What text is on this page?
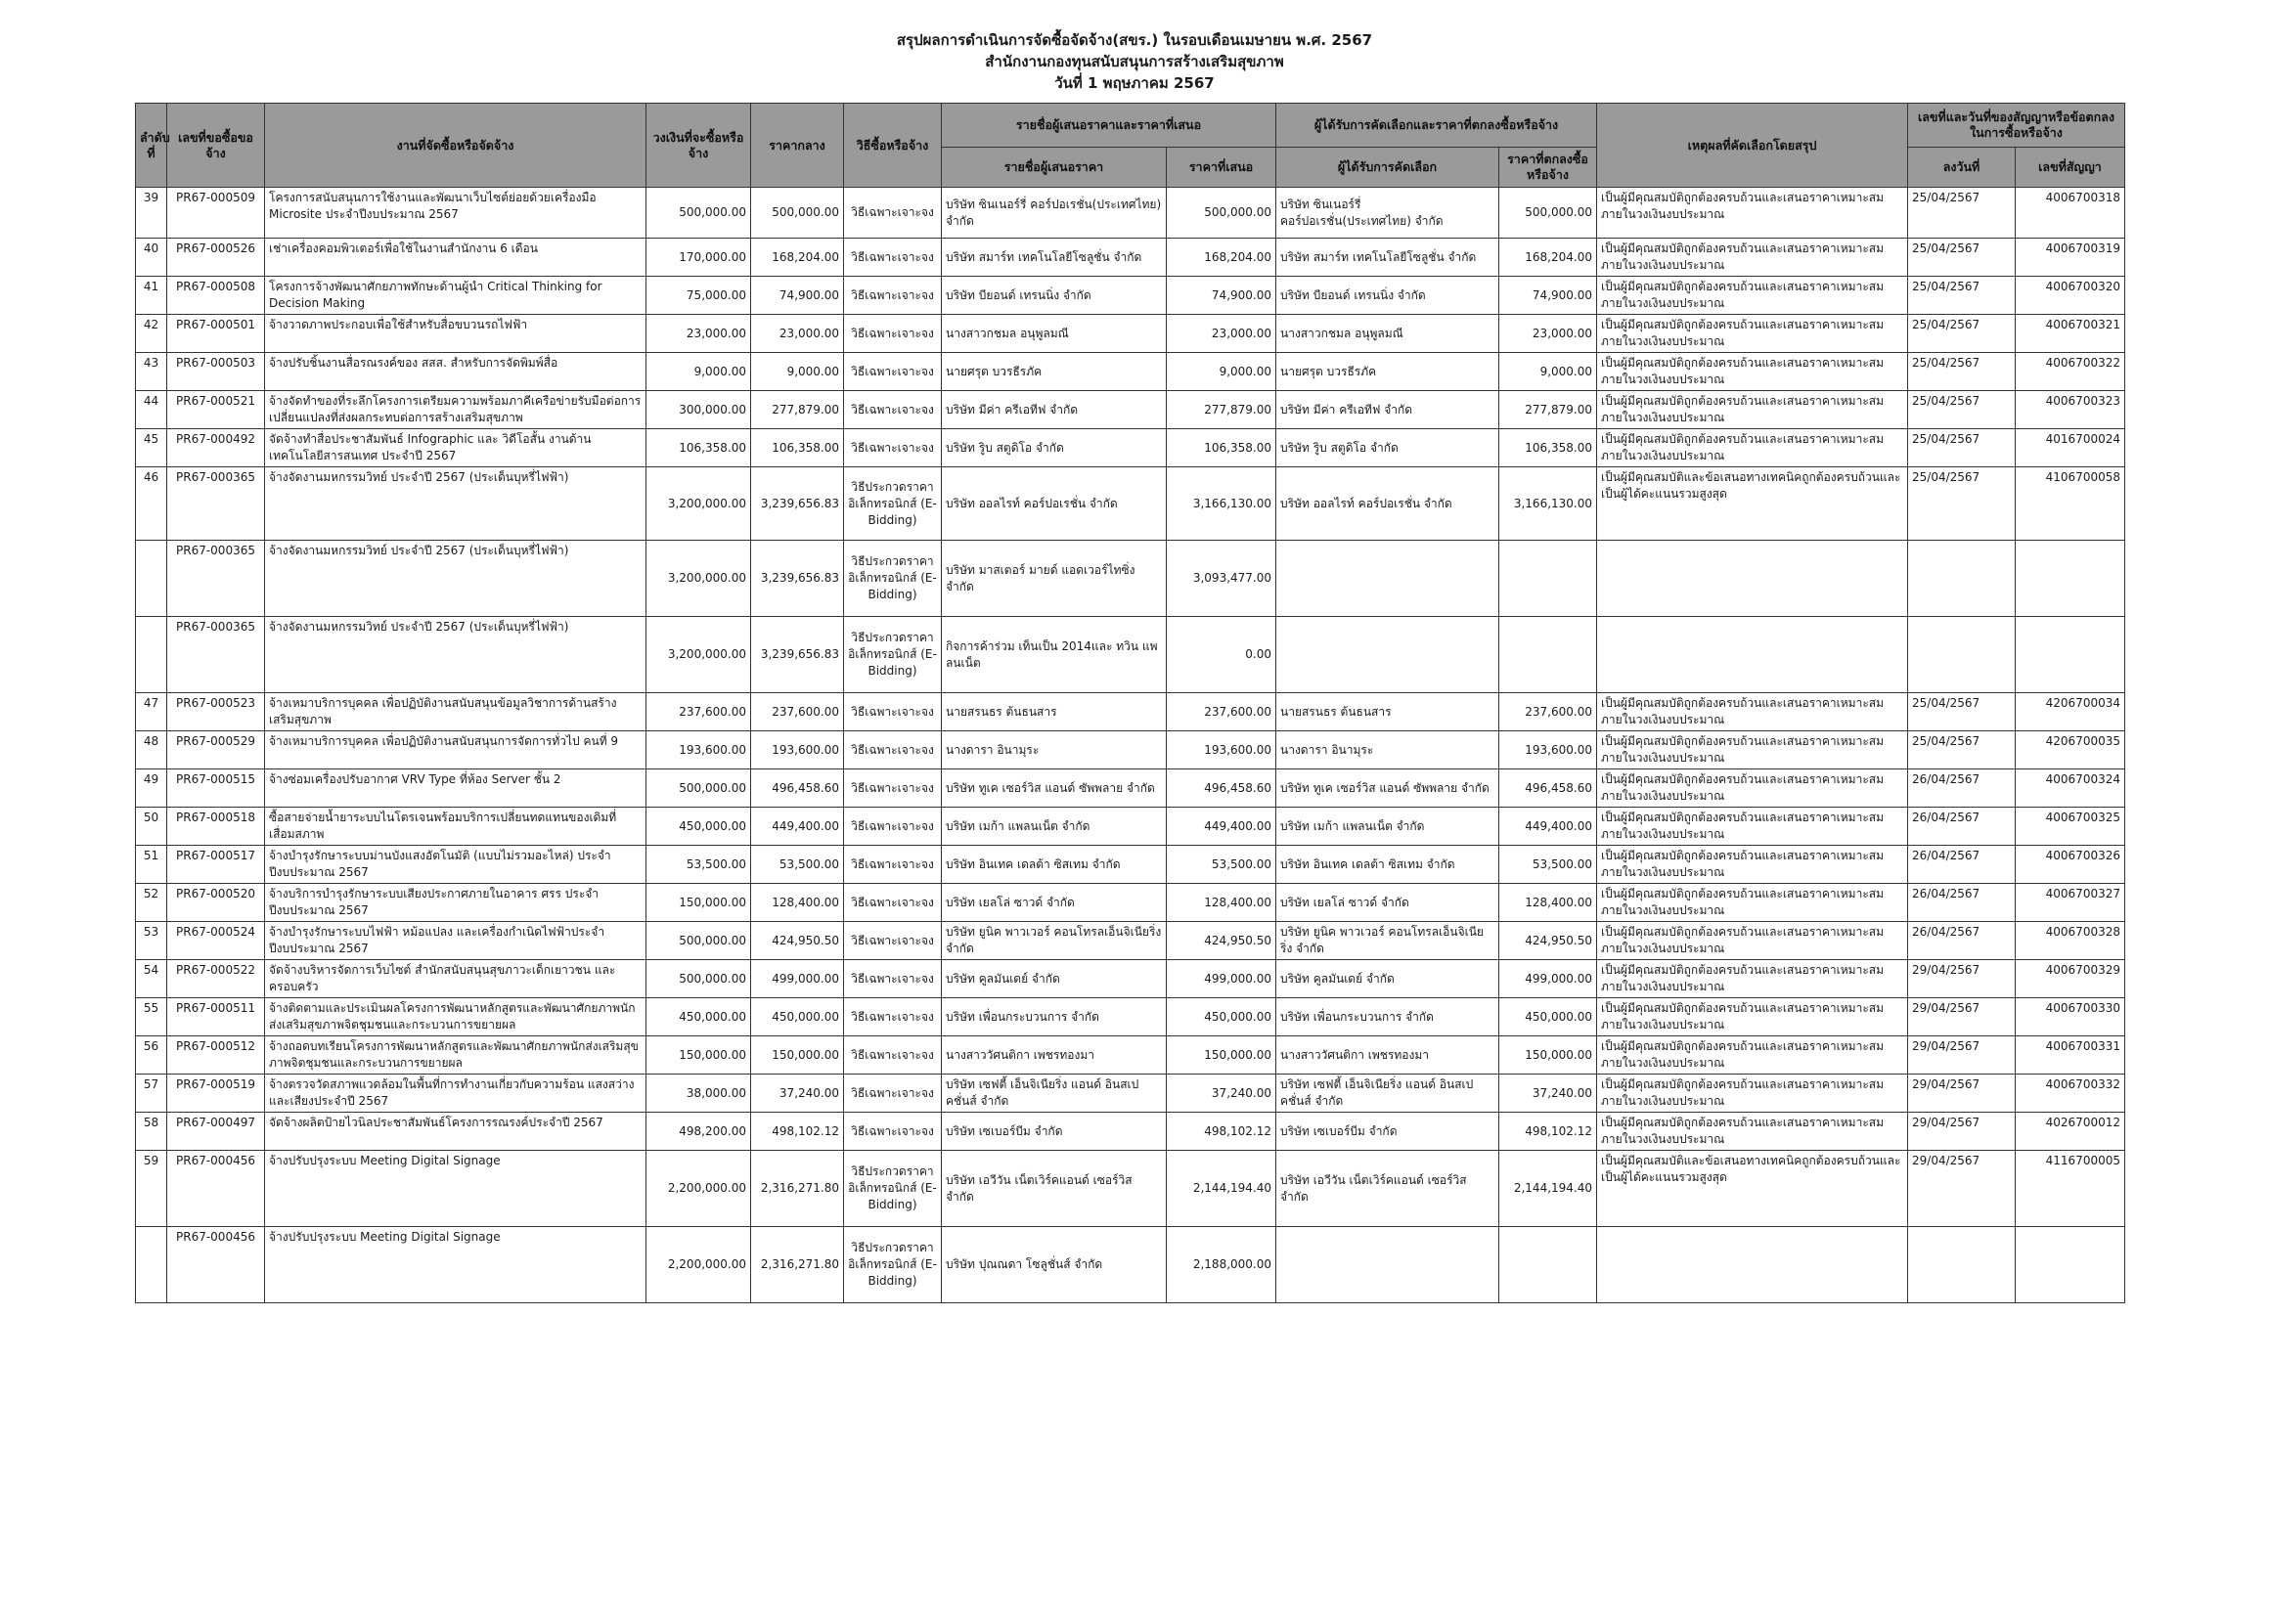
สรุปผลการดำเนินการจัดซื้อจัดจ้าง(สขร.) ในรอบเดือนเมษายน พ.ศ. 2567
สำนักงานกองทุนสนับสนุนการสร้างเสริมสุขภาพ
วันที่ 1 พฤษภาคม 2567
ลำดับที่	เลขที่ขอซื้อขอจ้าง	งานที่จัดซื้อหรือจัดจ้าง	วงเงินที่จะซื้อหรือจ้าง	ราคากลาง	วิธีซื้อหรือจ้าง	รายชื่อผู้เสนอราคาและราคาที่เสนอ		ผู้ได้รับการคัดเลือกและราคาที่ตกลงซื้อหรือจ้าง		เหตุผลที่คัดเลือกโดยสรุป	เลขที่และวันที่ของสัญญาหรือข้อตกลงในการซื้อหรือจ้าง	
						รายชื่อผู้เสนอราคา	ราคาที่เสนอ	ผู้ได้รับการคัดเลือก	ราคาที่ตกลงซื้อหรือจ้าง		ลงวันที่	เลขที่สัญญา
39	PR67-000509	โครงการสนับสนุนการใช้งานและพัฒนาเว็บไซต์ย่อยด้วยเครื่องมือ Microsite ประจำปีงบประมาณ 2567	500,000.00	500,000.00	วิธีเฉพาะเจาะจง	บริษัท ซินเนอร์รี่ คอร์ปอเรชั่น(ประเทศไทย) จำกัด	500,000.00	บริษัท ซินเนอร์รี่ คอร์ปอเรชั่น(ประเทศไทย) จำกัด	500,000.00	เป็นผู้มีคุณสมบัติถูกต้องครบถ้วนและเสนอราคาเหมาะสมภายในวงเงินงบประมาณ	25/04/2567	4006700318
40	PR67-000526	เช่าเครื่องคอมพิวเตอร์เพื่อใช้ในงานสำนักงาน 6 เดือน	170,000.00	168,204.00	วิธีเฉพาะเจาะจง	บริษัท สมาร์ท เทคโนโลยีโซลูชั่น จำกัด	168,204.00	บริษัท สมาร์ท เทคโนโลยีโซลูชั่น จำกัด	168,204.00	เป็นผู้มีคุณสมบัติถูกต้องครบถ้วนและเสนอราคาเหมาะสมภายในวงเงินงบประมาณ	25/04/2567	4006700319
41	PR67-000508	โครงการจ้างพัฒนาศักยภาพทักษะด้านผู้นำ Critical Thinking for Decision Making	75,000.00	74,900.00	วิธีเฉพาะเจาะจง	บริษัท บียอนด์ เทรนนิ่ง จำกัด	74,900.00	บริษัท บียอนด์ เทรนนิ่ง จำกัด	74,900.00	เป็นผู้มีคุณสมบัติถูกต้องครบถ้วนและเสนอราคาเหมาะสมภายในวงเงินงบประมาณ	25/04/2567	4006700320
42	PR67-000501	จ้างวาดภาพประกอบเพื่อใช้สำหรับสื่อขบวนรถไฟฟ้า	23,000.00	23,000.00	วิธีเฉพาะเจาะจง	นางสาวกชมล อนุพูลมณี	23,000.00	นางสาวกชมล อนุพูลมณี	23,000.00	เป็นผู้มีคุณสมบัติถูกต้องครบถ้วนและเสนอราคาเหมาะสมภายในวงเงินงบประมาณ	25/04/2567	4006700321
43	PR67-000503	จ้างปรับชิ้นงานสื่อรณรงค์ของ สสส. สำหรับการจัดพิมพ์สื่อ	9,000.00	9,000.00	วิธีเฉพาะเจาะจง	นายศรุต บวรธีรภัค	9,000.00	นายศรุต บวรธีรภัค	9,000.00	เป็นผู้มีคุณสมบัติถูกต้องครบถ้วนและเสนอราคาเหมาะสมภายในวงเงินงบประมาณ	25/04/2567	4006700322
44	PR67-000521	จ้างจัดทำของที่ระลึกโครงการเตรียมความพร้อมภาคีเครือข่ายรับมือต่อการเปลี่ยนแปลงที่ส่งผลกระทบต่อการสร้างเสริมสุขภาพ	300,000.00	277,879.00	วิธีเฉพาะเจาะจง	บริษัท มีค่า ครีเอทีฟ จำกัด	277,879.00	บริษัท มีค่า ครีเอทีฟ จำกัด	277,879.00	เป็นผู้มีคุณสมบัติถูกต้องครบถ้วนและเสนอราคาเหมาะสมภายในวงเงินงบประมาณ	25/04/2567	4006700323
45	PR67-000492	จัดจ้างทำสื่อประชาสัมพันธ์ Infographic และ วิดีโอสั้น งานด้านเทคโนโลยีสารสนเทศ ประจำปี 2567	106,358.00	106,358.00	วิธีเฉพาะเจาะจง	บริษัท รูิบ สตูดิโอ จำกัด	106,358.00	บริษัท รูิบ สตูดิโอ จำกัด	106,358.00	เป็นผู้มีคุณสมบัติถูกต้องครบถ้วนและเสนอราคาเหมาะสมภายในวงเงินงบประมาณ	25/04/2567	4016700024
46	PR67-000365	จ้างจัดงานมหกรรมวิทย์ ประจำปี 2567 (ประเด็นบุหรี่ไฟฟ้า)	3,200,000.00	3,239,656.83	วิธีประกวดราคาอิเล็กทรอนิกส์ (E-Bidding)	บริษัท ออลไรท์ คอร์ปอเรชั่น จำกัด	3,166,130.00	บริษัท ออลไรท์ คอร์ปอเรชั่น จำกัด	3,166,130.00	เป็นผู้มีคุณสมบัติและข้อเสนอทางเทคนิคถูกต้องครบถ้วนและเป็นผู้ได้คะแนนรวมสูงสุด	25/04/2567	4106700058
	PR67-000365	จ้างจัดงานมหกรรมวิทย์ ประจำปี 2567 (ประเด็นบุหรี่ไฟฟ้า)	3,200,000.00	3,239,656.83	วิธีประกวดราคาอิเล็กทรอนิกส์ (E-Bidding)	บริษัท มาสเตอร์ มายด์ แอดเวอร์ไทซิ่ง จำกัด	3,093,477.00					
	PR67-000365	จ้างจัดงานมหกรรมวิทย์ ประจำปี 2567 (ประเด็นบุหรี่ไฟฟ้า)	3,200,000.00	3,239,656.83	วิธีประกวดราคาอิเล็กทรอนิกส์ (E-Bidding)	กิจการค้าร่วม เท็นเป็น 2014และ ทวิน แพลนเน็ต	0.00					
47	PR67-000523	จ้างเหมาบริการบุคคล เพื่อปฏิบัติงานสนับสนุนข้อมูลวิชาการด้านสร้างเสริมสุขภาพ	237,600.00	237,600.00	วิธีเฉพาะเจาะจง	นายสรนธร ต้นธนสาร	237,600.00	นายสรนธร ต้นธนสาร	237,600.00	เป็นผู้มีคุณสมบัติถูกต้องครบถ้วนและเสนอราคาเหมาะสมภายในวงเงินงบประมาณ	25/04/2567	4206700034
48	PR67-000529	จ้างเหมาบริการบุคคล เพื่อปฏิบัติงานสนับสนุนการจัดการทั่วไป คนที่ 9	193,600.00	193,600.00	วิธีเฉพาะเจาะจง	นางดารา อินามุระ	193,600.00	นางดารา อินามุระ	193,600.00	เป็นผู้มีคุณสมบัติถูกต้องครบถ้วนและเสนอราคาเหมาะสมภายในวงเงินงบประมาณ	25/04/2567	4206700035
49	PR67-000515	จ้างซ่อมเครื่องปรับอากาศ VRV Type ที่ห้อง Server ชั้น 2	500,000.00	496,458.60	วิธีเฉพาะเจาะจง	บริษัท ทูเค เซอร์วิส แอนด์ ซัพพลาย จำกัด	496,458.60	บริษัท ทูเค เซอร์วิส แอนด์ ซัพพลาย จำกัด	496,458.60	เป็นผู้มีคุณสมบัติถูกต้องครบถ้วนและเสนอราคาเหมาะสมภายในวงเงินงบประมาณ	26/04/2567	4006700324
50	PR67-000518	ซื้อสายจ่ายน้ำยาระบบไนโตรเจนพร้อมบริการเปลี่ยนทดแทนของเดิมที่เสื่อมสภาพ	450,000.00	449,400.00	วิธีเฉพาะเจาะจง	บริษัท เมก้า แพลนเน็ต จำกัด	449,400.00	บริษัท เมก้า แพลนเน็ต จำกัด	449,400.00	เป็นผู้มีคุณสมบัติถูกต้องครบถ้วนและเสนอราคาเหมาะสมภายในวงเงินงบประมาณ	26/04/2567	4006700325
51	PR67-000517	จ้างบำรุงรักษาระบบม่านบังแสงอัตโนมัติ (แบบไม่รวมอะไหล่) ประจำปีงบประมาณ 2567	53,500.00	53,500.00	วิธีเฉพาะเจาะจง	บริษัท อินเทค เดลต้า ซิสเทม จำกัด	53,500.00	บริษัท อินเทค เดลต้า ซิสเทม จำกัด	53,500.00	เป็นผู้มีคุณสมบัติถูกต้องครบถ้วนและเสนอราคาเหมาะสมภายในวงเงินงบประมาณ	26/04/2567	4006700326
52	PR67-000520	จ้างบริการบำรุงรักษาระบบเสียงประกาศภายในอาคาร ศรร ประจำปีงบประมาณ 2567	150,000.00	128,400.00	วิธีเฉพาะเจาะจง	บริษัท เยลโล่ ซาวด์ จำกัด	128,400.00	บริษัท เยลโล่ ซาวด์ จำกัด	128,400.00	เป็นผู้มีคุณสมบัติถูกต้องครบถ้วนและเสนอราคาเหมาะสมภายในวงเงินงบประมาณ	26/04/2567	4006700327
53	PR67-000524	จ้างบำรุงรักษาระบบไฟฟ้า หม้อแปลง และเครื่องกำเนิดไฟฟ้าประจำปีงบประมาณ 2567	500,000.00	424,950.50	วิธีเฉพาะเจาะจง	บริษัท ยูนิค พาวเวอร์ คอนโทรลเอ็นจิเนียริ่ง จำกัด	424,950.50	บริษัท ยูนิค พาวเวอร์ คอนโทรลเอ็นจิเนียริ่ง จำกัด	424,950.50	เป็นผู้มีคุณสมบัติถูกต้องครบถ้วนและเสนอราคาเหมาะสมภายในวงเงินงบประมาณ	26/04/2567	4006700328
54	PR67-000522	จัดจ้างบริหารจัดการเว็บไซต์ สำนักสนับสนุนสุขภาวะเด็กเยาวชน และครอบครัว	500,000.00	499,000.00	วิธีเฉพาะเจาะจง	บริษัท คูลมันเดย์ จำกัด	499,000.00	บริษัท คูลมันเดย์ จำกัด	499,000.00	เป็นผู้มีคุณสมบัติถูกต้องครบถ้วนและเสนอราคาเหมาะสมภายในวงเงินงบประมาณ	29/04/2567	4006700329
55	PR67-000511	จ้างติดตามและประเมินผลโครงการพัฒนาหลักสูตรและพัฒนาศักยภาพนักส่งเสริมสุขภาพจิตชุมชนและกระบวนการขยายผล	450,000.00	450,000.00	วิธีเฉพาะเจาะจง	บริษัท เพื่อนกระบวนการ จำกัด	450,000.00	บริษัท เพื่อนกระบวนการ จำกัด	450,000.00	เป็นผู้มีคุณสมบัติถูกต้องครบถ้วนและเสนอราคาเหมาะสมภายในวงเงินงบประมาณ	29/04/2567	4006700330
56	PR67-000512	จ้างถอดบทเรียนโครงการพัฒนาหลักสูตรและพัฒนาศักยภาพนักส่งเสริมสุขภาพจิตชุมชนและกระบวนการขยายผล	150,000.00	150,000.00	วิธีเฉพาะเจาะจง	นางสาววัศนติกา เพชรทองมา	150,000.00	นางสาววัศนติกา เพชรทองมา	150,000.00	เป็นผู้มีคุณสมบัติถูกต้องครบถ้วนและเสนอราคาเหมาะสมภายในวงเงินงบประมาณ	29/04/2567	4006700331
57	PR67-000519	จ้างตรวจวัดสภาพแวดล้อมในพื้นที่การทำงานเกี่ยวกับความร้อน แสงสว่าง และเสียงประจำปี 2567	38,000.00	37,240.00	วิธีเฉพาะเจาะจง	บริษัท เซฟตี้ เอ็นจิเนียริ่ง แอนด์ อินสเปคชั่นส์ จำกัด	37,240.00	บริษัท เซฟตี้ เอ็นจิเนียริ่ง แอนด์ อินสเปคชั่นส์ จำกัด	37,240.00	เป็นผู้มีคุณสมบัติถูกต้องครบถ้วนและเสนอราคาเหมาะสมภายในวงเงินงบประมาณ	29/04/2567	4006700332
58	PR67-000497	จัดจ้างผลิตป้ายไวนิลประชาสัมพันธ์โครงการรณรงค์ประจำปี 2567	498,200.00	498,102.12	วิธีเฉพาะเจาะจง	บริษัท เซเบอร์บีม จำกัด	498,102.12	บริษัท เซเบอร์บีม จำกัด	498,102.12	เป็นผู้มีคุณสมบัติถูกต้องครบถ้วนและเสนอราคาเหมาะสมภายในวงเงินงบประมาณ	29/04/2567	4026700012
59	PR67-000456	จ้างปรับปรุงระบบ Meeting Digital Signage	2,200,000.00	2,316,271.80	วิธีประกวดราคาอิเล็กทรอนิกส์ (E-Bidding)	บริษัท เอวีวัน เน็ตเวิร์คแอนด์ เซอร์วิส จำกัด	2,144,194.40	บริษัท เอวีวัน เน็ตเวิร์คแอนด์ เซอร์วิส จำกัด	2,144,194.40	เป็นผู้มีคุณสมบัติและข้อเสนอทางเทคนิคถูกต้องครบถ้วนและเป็นผู้ได้คะแนนรวมสูงสุด	29/04/2567	4116700005
	PR67-000456	จ้างปรับปรุงระบบ Meeting Digital Signage	2,200,000.00	2,316,271.80	วิธีประกวดราคาอิเล็กทรอนิกส์ (E-Bidding)	บริษัท ปุณณดา โซลูชั่นส์ จำกัด	2,188,000.00					
